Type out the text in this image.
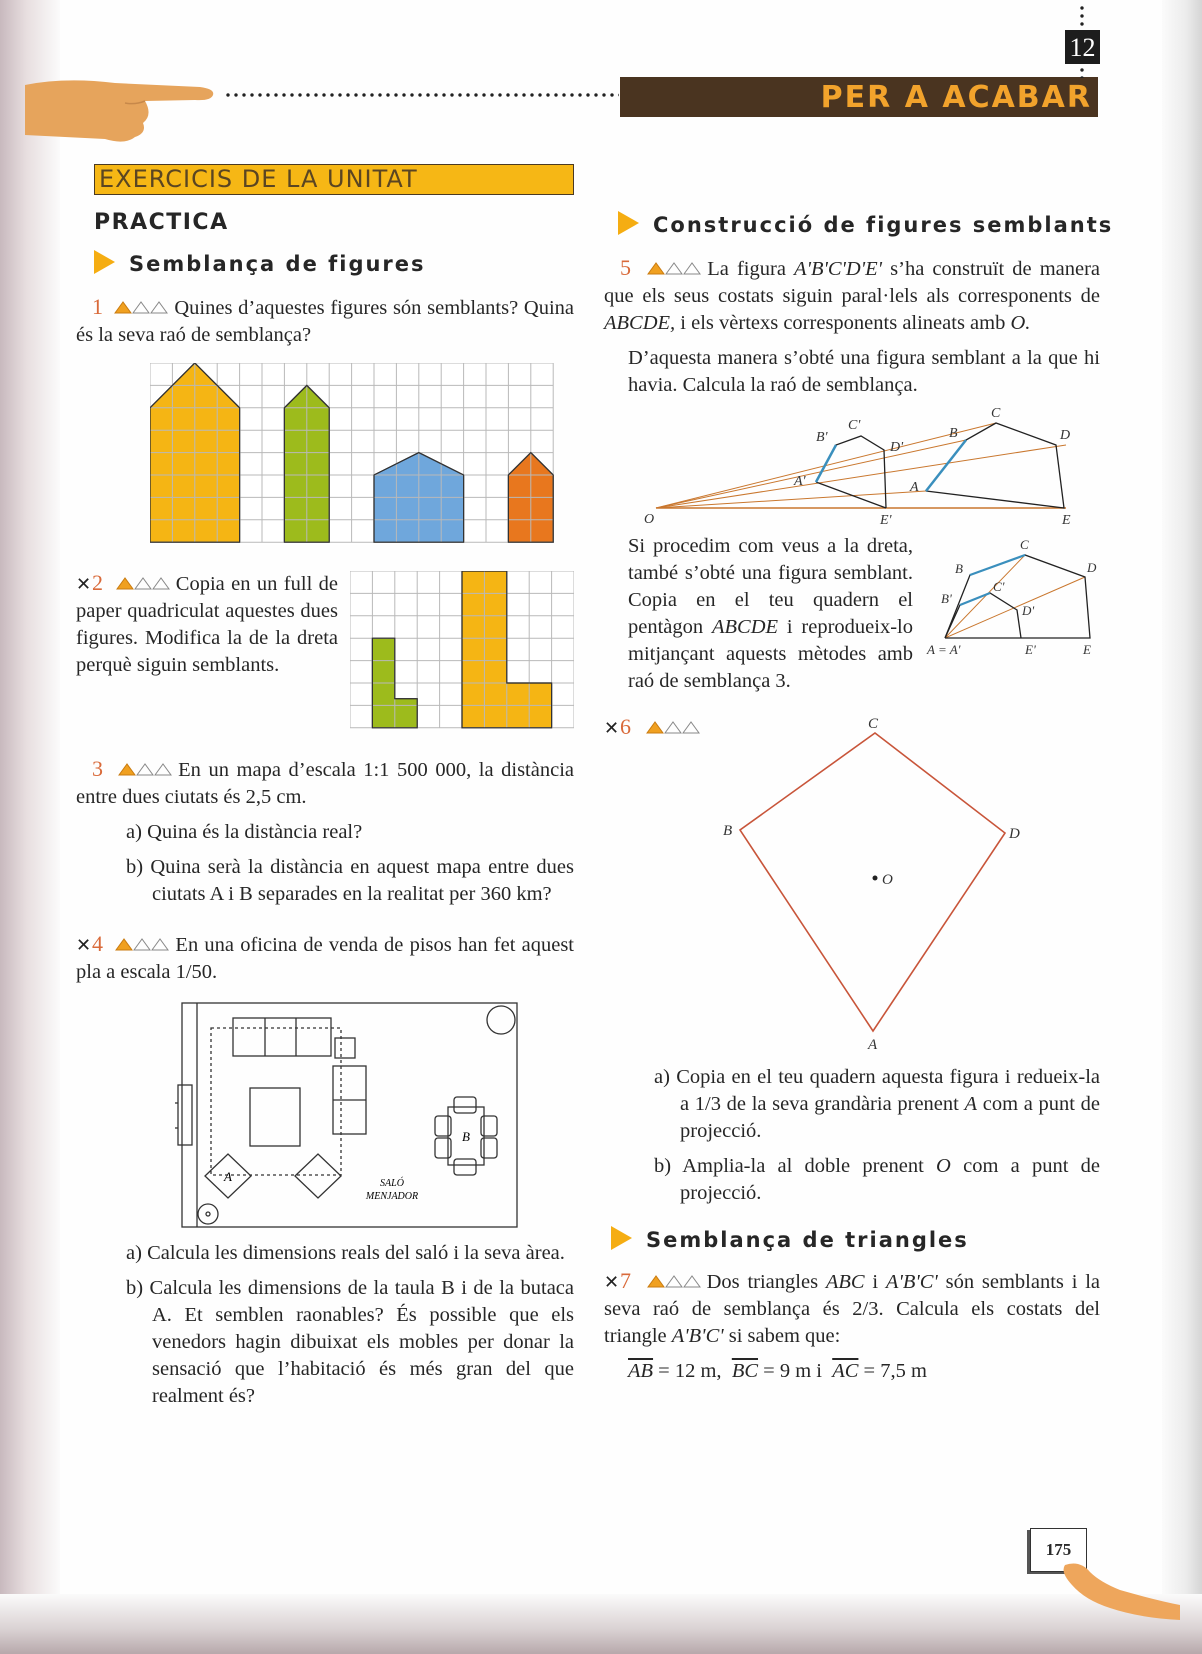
PER A ACABAR
12
EXERCICIS DE LA UNITAT
PRACTICA
Semblança de figures
1	Quines d’aquestes figures són semblants? Quina és la seva raó de semblança?
✕2	Copia en un full de paper quadriculat aquestes dues figures. Modifica la de la dreta perquè siguin semblants.
3	En un mapa d’escala 1:1 500 000, la distància entre dues ciutats és 2,5 cm.
a) Quina és la distància real?
b) Quina serà la distància en aquest mapa entre dues ciutats A i B separades en la realitat per 360 km?
✕4	En una oficina de venda de pisos han fet aquest pla a escala 1/50.
A
B
SALÓ
MENJADOR
a) Calcula les dimensions reals del saló i la seva àrea.
b) Calcula les dimensions de la taula B i de la butaca A. Et semblen raonables? És possible que els venedors hagin dibuixat els mobles per donar la sensació que l’habitació és més gran del que realment és?
Construcció de figures semblants
5	La figura A'B'C'D'E' s’ha construït de manera que els seus costats siguin paral·lels als corresponents de ABCDE, i els vèrtexs corresponents alineats amb O.
D’aquesta manera s’obté una figura semblant a la que hi havia. Calcula la raó de semblança.
O
A'
B'
C'
D'
E'
A
B
C
D
E
A = A'
B'
B
C
C'
D'
D
E'	E
Si procedim com veus a la dreta, també s’obté una figura semblant. Copia en el teu quadern el pentàgon ABCDE i reprodueix-lo mitjançant aquests mètodes amb raó de semblança 3.
✕6
A
B
C
D
O
a) Copia en el teu quadern aquesta figura i redueix-la a 1/3 de la seva grandària prenent A com a punt de projecció.
b) Amplia-la al doble prenent O com a punt de projecció.
Semblança de triangles
✕7	Dos triangles ABC i A'B'C' són semblants i la seva raó de semblança és 2/3. Calcula els costats del triangle A'B'C' si sabem que:
$\overline{AB} = 12$ m, $\overline{BC} = 9$ m i $\overline{AC} = 7,5$ m
175
